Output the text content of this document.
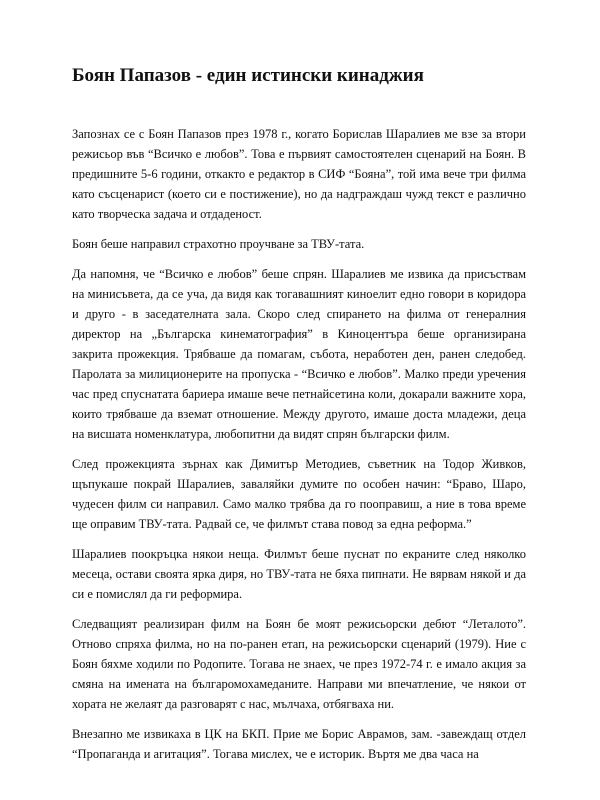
Боян Папазов - един истински кинаджия

Запознах се с Боян Папазов през 1978 г., когато Борислав Шаралиев ме взе за втори режисьор във “Всичко е любов”. Това е първият самостоятелен сценарий на Боян. В предишните 5-6 години, откакто е редактор в СИФ “Бояна”, той има вече три филма като съсценарист (което си е постижение), но да надграждаш чужд текст е различно като творческа задача и отдаденост.

Боян беше направил страхотно проучване за ТВУ-тата.

Да напомня, че “Всичко е любов” беше спрян. Шаралиев ме извика да присъствам на минисъвета, да се уча, да видя как тогавашният киноелит едно говори в коридора и друго - в заседателната зала. Скоро след спирането на филма от генералния директор на „Българска кинематография” в Киноцентъра беше организирана закрита прожекция. Трябваше да помагам, събота, неработен ден, ранен следобед. Паролата за милиционерите на пропуска - “Всичко е любов”. Малко преди уречения час пред спуснатата бариера имаше вече петнайсетина коли, докарали важните хора, които трябваше да вземат отношение. Между другото, имаше доста младежи, деца на висшата номенклатура, любопитни да видят спрян български филм.

След прожекцията зърнах как Димитър Методиев, съветник на Тодор Живков, щъпукаше покрай Шаралиев, заваляйки думите по особен начин: “Браво, Шаро, чудесен филм си направил. Само малко трябва да го пооправиш, а ние в това време ще оправим ТВУ-тата. Радвай се, че филмът става повод за една реформа.”

Шаралиев поокръцка някои неща. Филмът беше пуснат по екраните след няколко месеца, остави своята ярка диря, но ТВУ-тата не бяха пипнати. Не вярвам някой и да си е помислял да ги реформира.

Следващият реализиран филм на Боян бе моят режисьорски дебют “Леталото”. Отново спряха филма, но на по-ранен етап, на режисьорски сценарий (1979). Ние с Боян бяхме ходили по Родопите. Тогава не знаех, че през 1972-74 г. е имало акция за смяна на имената на българомохамеданите. Направи ми впечатление, че някои от хората не желаят да разговарят с нас, мълчаха, отбягваха ни.

Внезапно ме извикаха в ЦК на БКП. Прие ме Борис Аврамов, зам. -завеждащ отдел “Пропаганда и агитация”. Тогава мислех, че е историк. Въртя ме два часа на
